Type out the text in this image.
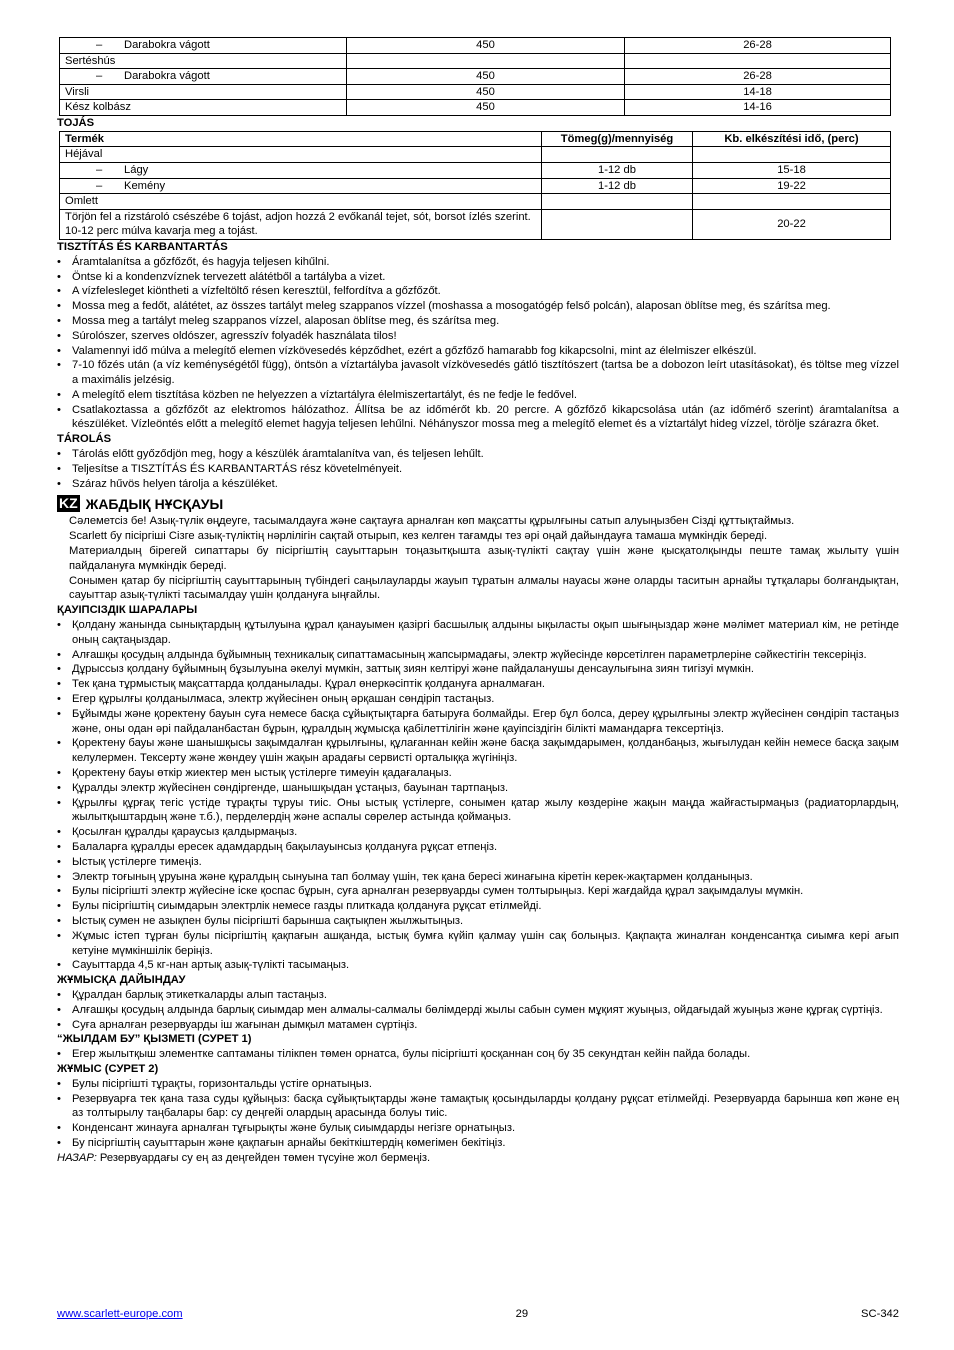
– Darabokra vágott	450	26-28
Sertéshús		
– Darabokra vágott	450	26-28
Virsli	450	14-18
Kész kolbász	450	14-16
TOJÁS
Termék	Tömeg(g)/mennyiség	Kb. elkészítési idő, (perc)
Héjával		
– Lágy	1-12 db	15-18
– Kemény	1-12 db	19-22
Omlett		
Törjön fel a rizstároló csészébe 6 tojást, adjon hozzá 2 evőkanál tejet, sót, borsot ízlés szerint. 10-12 perc múlva kavarja meg a tojást.		20-22
TISZTÍTÁS ÉS KARBANTARTÁS
• Áramtalanítsa a gőzfőzőt, és hagyja teljesen kihűlni.
• Öntse ki a kondenzvíznek tervezett alátétből a tartályba a vizet.
• A vízfelesleget kiöntheti a vízfeltöltő résen keresztül, felfordítva a gőzfőzőt.
• Mossa meg a fedőt, alátétet, az összes tartályt meleg szappanos vízzel (moshassa a mosogatógép felső polcán), alaposan öblítse meg, és szárítsa meg.
• Mossa meg a tartályt meleg szappanos vízzel, alaposan öblítse meg, és szárítsa meg.
• Súrolószer, szerves oldószer, agresszív folyadék használata tilos!
• Valamennyi idő múlva a melegítő elemen vízkövesedés képződhet, ezért a gőzfőző hamarabb fog kikapcsolni, mint az élelmiszer elkészül.
• 7-10 főzés után (a víz keménységétől függ), öntsön a víztartályba javasolt vízkövesedés gátló tisztítószert (tartsa be a dobozon leírt utasításokat), és töltse meg vízzel a maximális jelzésig.
• A melegítő elem tisztítása közben ne helyezzen a víztartályra élelmiszertartályt, és ne fedje le fedővel.
• Csatlakoztassa a gőzfőzőt az elektromos hálózathoz. Állítsa be az időmérőt kb. 20 percre. A gőzfőző kikapcsolása után (az időmérő szerint) áramtalanítsa a készüléket. Vízleöntés előtt a melegítő elemet hagyja teljesen lehűlni. Néhányszor mossa meg a melegítő elemet és a víztartályt hideg vízzel, törölje szárazra őket.
TÁROLÁS
• Tárolás előtt győződjön meg, hogy a készülék áramtalanítva van, és teljesen lehűlt.
• Teljesítse a TISZTÍTÁS ÉS KARBANTARTÁS rész követelményeit.
• Száraz hűvös helyen tárolja a készüléket.
KZ ЖАБДЫҚ НҰСҚАУЫ

Сәлеметсіз бе! Азық-түлік өңдеуге, тасымалдауға және сақтауға арналған көп мақсатты құрылғыны сатып алуыңызбен Сізді құттықтаймыз.

Scarlett бу пісіргіші Сізге азық-түліктің нәрлілігін сақтай отырып, кез келген тағамды тез әрі оңай дайындауға тамаша мүмкіндік береді.

Материалдың бірегей сипаттары бу пісіргіштің сауыттарын тоңазытқышта азық-түлікті сақтау үшін және қысқатолқынды пеште тамақ жылыту үшін пайдалануға мүмкіндік береді.

Сонымен қатар бу пісіргіштің сауыттарының түбіндегі саңылауларды жауып тұратын алмалы науасы және оларды таситын арнайы тұтқалары болғандықтан, сауыттар азық-түлікті тасымалдау үшін қолдануға ыңғайлы.

ҚАУІПСІЗДІК ШАРАЛАРЫ
• Қолдану жанында сынықтардың құтылуына құрал қанауымен қазіргі басшылық алдыны ықыласты оқып шығыңыздар және мәлімет материал кім, не ретінде оның сақтаңыздар.
• Алғашқы қосудың алдында бұйымның техникалық сипаттамасының жапсырмадағы, электр жүйесінде көрсетілген параметрлеріне сәйкестігін тексеріңіз.
• Дұрыссыз қолдану бұйымның бұзылуына әкелуі мүмкін, заттық зиян келтіруі және пайдаланушы денсаулығына зиян тигізуі мүмкін.
• Тек қана тұрмыстық мақсаттарда қолданылады. Құрал өнеркәсіптік қолдануға арналмаған.
• Егер құрылғы қолданылмаса, электр жүйесінен оның әрқашан сөндіріп тастаңыз.
• Бұйымды және қоректену бауын суға немесе басқа сұйықтықтарға батыруға болмайды. Егер бұл болса, дереу құрылғыны электр жүйесінен сөндіріп тастаңыз және, оны одан әрі пайдаланбастан бұрын, құралдың жұмысқа қабілеттілігін және қауіпсіздігін білікті мамандарға тексертіңіз.
• Қоректену бауы және шанышқысы зақымдалған құрылғыны, құлағаннан кейін және басқа зақымдарымен, қолданбаңыз, жығылудан кейін немесе басқа зақым келулермен. Тексерту және жөндеу үшін жақын арадағы сервисті орталыққа жүгініңіз.
• Қоректену бауы өткір жиектер мен ыстық үстілерге тимеуін қадағалаңыз.
• Құралды электр жүйесінен сөндіргенде, шанышқыдан ұстаңыз, бауынан тартпаңыз.
• Құрылғы құрғақ тегіс үстіде тұрақты тұруы тиіс. Оны ыстық үстілерге, сонымен қатар жылу көздеріне жақын маңда жайғастырмаңыз (радиаторлардың, жылытқыштардың және т.б.), перделердің және аспалы сөрелер астында қоймаңыз.
• Қосылған құралды қараусыз қалдырмаңыз.
• Балаларға құралды ересек адамдардың бақылауынсыз қолдануға рұқсат етпеңіз.
• Ыстық үстілерге тимеңіз.
• Электр тоғының ұруына және құралдың сынуына тап болмау үшін, тек қана бересі жинағына кіретін керек-жақтармен қолданыңыз.
• Булы пісіргішті электр жүйесіне іске қоспас бұрын, суға арналған резервуарды сумен толтырыңыз. Кері жағдайда құрал зақымдалуы мүмкін.
• Булы пісіргіштің сиымдарын электрлік немесе газды плиткада қолдануға рұқсат етілмейді.
• Ыстық сумен не азықпен булы пісіргішті барынша сақтықпен жылжытыңыз.
• Жұмыс істеп тұрған булы пісіргіштің қақпағын ашқанда, ыстық бумға күйіп қалмау үшін сақ болыңыз. Қақпақта жиналған конденсантқа сиымға кері ағып кетуіне мүмкіншілік беріңіз.
• Сауыттарда 4,5 кг-нан артық азық-түлікті тасымаңыз.
ЖҰМЫСҚА ДАЙЫНДАУ
• Құралдан барлық этикеткаларды алып тастаңыз.
• Алғашқы қосудың алдында барлық сиымдар мен алмалы-салмалы бөлімдерді жылы сабын сумен мұқият жуыңыз, ойдағыдай жуыңыз және құрғақ сүртіңіз.
• Суға арналған резервуарды іш жағынан дымқыл матамен сүртіңіз.
“ЖЫЛДАМ БУ” ҚЫЗМЕТІ (СУРЕТ 1)
• Егер жылытқыш элементке саптаманы тілікпен төмен орнатса, булы пісіргішті қосқаннан соң бу 35 секундтан кейін пайда болады.
ЖҰМЫС (СУРЕТ 2)
• Булы пісіргішті тұрақты, горизонтальды үстіге орнатыңыз.
• Резервуарға тек қана таза суды құйыңыз: басқа сұйықтықтарды және тамақтық қосындыларды қолдану рұқсат етілмейді. Резервуарда барынша көп және ең аз толтырылу таңбалары бар: су деңгейі олардың арасында болуы тиіс.
• Конденсант жинауға арналған тұғырықты және булық сиымдарды негізге орнатыңыз.
• Бу пісіргіштің сауыттарын және қақпағын арнайы бекіткіштердің көмегімен бекітіңіз.
НАЗАР: Резервуардағы су ең аз деңгейден төмен түсуіне жол бермеңіз.
www.scarlett-europe.com	29	SC-342
